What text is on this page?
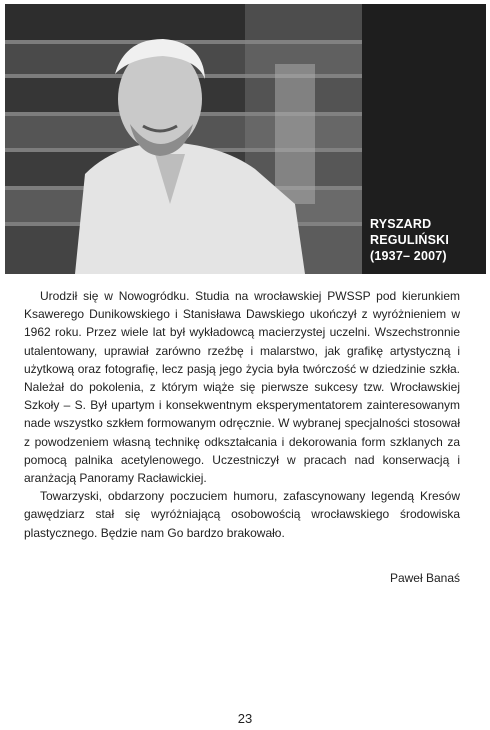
RYSZARD
REGULIŃSKI
(1937– 2007)

Urodził się w Nowogródku. Studia na wrocławskiej PWSSP pod kierunkiem Ksawerego Dunikowskiego i Stanisława Dawskiego ukończył z wyróżnieniem w 1962 roku. Przez wiele lat był wykładowcą macierzystej uczelni. Wszechstronnie utalentowany, uprawiał zarówno rzeźbę i malarstwo, jak grafikę artystyczną i użytkową oraz fotografię, lecz pasją jego życia była twórczość w dziedzinie szkła. Należał do pokolenia, z którym wiąże się pierwsze sukcesy tzw. Wrocławskiej Szkoły – S. Był upartym i konsekwentnym eksperymentatorem zainteresowanym nade wszystko szkłem formowanym odręcznie. W wybranej specjalności stosował z powodzeniem własną technikę odkształcania i dekorowania form szklanych za pomocą palnika acetylenowego. Uczestniczył w pracach nad konserwacją i aranżacją Panoramy Racławickiej.

Towarzyski, obdarzony poczuciem humoru, zafascynowany legendą Kresów gawędziarz stał się wyróżniającą osobowością wrocławskiego środowiska plastycznego. Będzie nam Go bardzo brakowało.

Paweł Banaś
23
